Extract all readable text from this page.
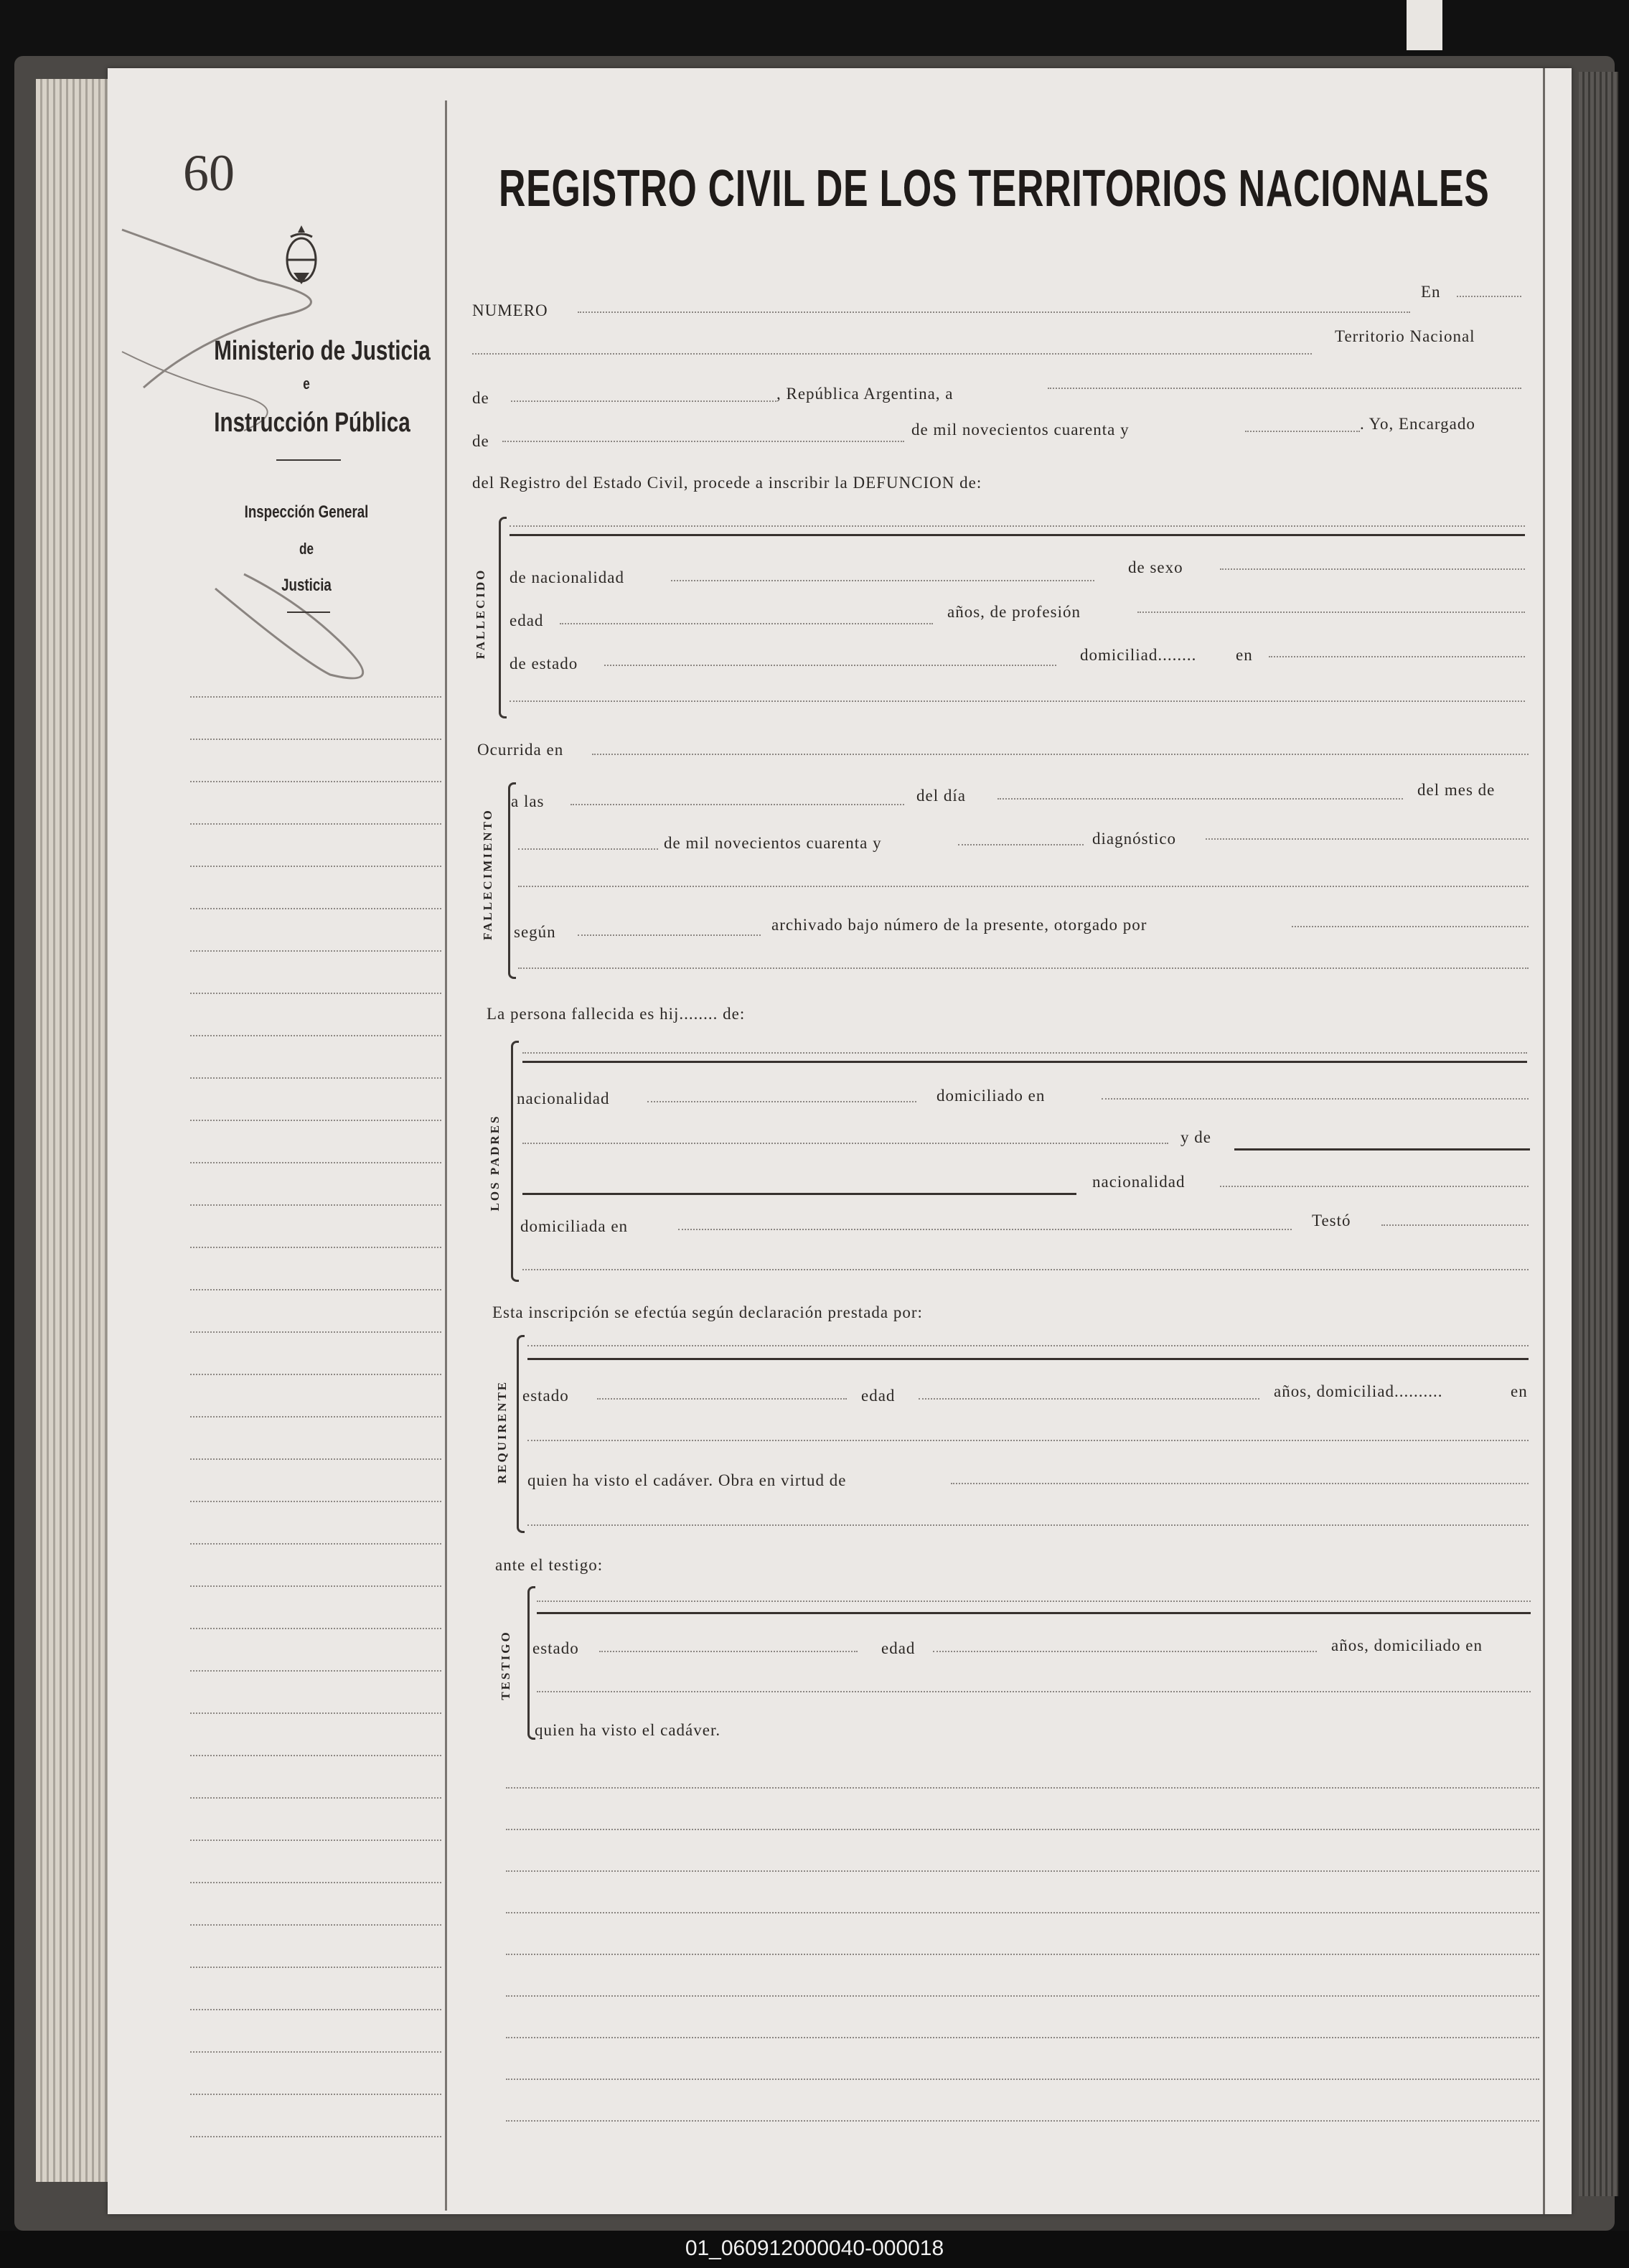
60
Ministerio de Justicia
e
Instrucción Pública
Inspección General
de
Justicia
REGISTRO CIVIL DE LOS TERRITORIOS NACIONALES
NUMERO
En
Territorio Nacional
de	, República Argentina, a
de
de mil novecientos cuarenta y	. Yo, Encargado
del Registro del Estado Civil, procede a inscribir la DEFUNCION de:
FALLECIDO de nacionalidad
de sexo
edad	años, de profesión
de estado	domiciliad........ en
Ocurrida en
FALLECIMIENTO
a las	del día	del mes de
de mil novecientos cuarenta y	diagnóstico
según	archivado bajo número de la presente, otorgado por
La persona fallecida es hij........ de:
LOS PADRES
nacionalidad	domiciliado en
y de
nacionalidad
domiciliada en	Testó
Esta inscripción se efectúa según declaración prestada por:
REQUIRENTE estado	edad	años, domiciliad..........	en
quien ha visto el cadáver. Obra en virtud de
ante el testigo:
TESTIGO estado	edad	años, domiciliado en
quien ha visto el cadáver.
01_060912000040-000018
